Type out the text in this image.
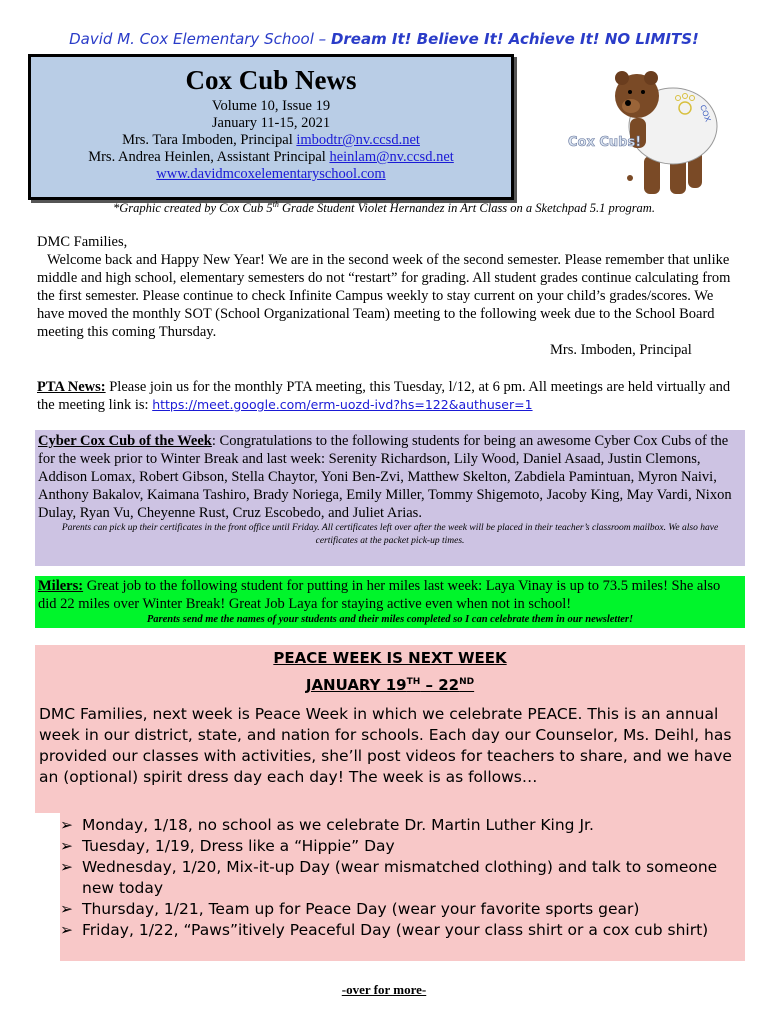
David M. Cox Elementary School – Dream It! Believe It! Achieve It! NO LIMITS!
Cox Cub News
Volume 10, Issue 19
January 11-15, 2021
Mrs. Tara Imboden, Principal imbodtr@nv.ccsd.net
Mrs. Andrea Heinlen, Assistant Principal heinlam@nv.ccsd.net
www.davidmcoxelementaryschool.com
COX
Cox Cubs!
*Graphic created by Cox Cub 5th Grade Student Violet Hernandez in Art Class on a Sketchpad 5.1 program.
DMC Families,
Welcome back and Happy New Year! We are in the second week of the second semester. Please remember that unlike middle and high school, elementary semesters do not “restart” for grading. All student grades continue calculating from the first semester. Please continue to check Infinite Campus weekly to stay current on your child’s grades/scores. We have moved the monthly SOT (School Organizational Team) meeting to the following week due to the School Board meeting this coming Thursday.
Mrs. Imboden, Principal
PTA News: Please join us for the monthly PTA meeting, this Tuesday, l/12, at 6 pm. All meetings are held virtually and the meeting link is: https://meet.google.com/erm-uozd-ivd?hs=122&authuser=1
Cyber Cox Cub of the Week: Congratulations to the following students for being an awesome Cyber Cox Cubs of the for the week prior to Winter Break and last week: Serenity Richardson, Lily Wood, Daniel Asaad, Justin Clemons, Addison Lomax, Robert Gibson, Stella Chaytor, Yoni Ben-Zvi, Matthew Skelton, Zabdiela Pamintuan, Myron Naivi, Anthony Bakalov, Kaimana Tashiro, Brady Noriega, Emily Miller, Tommy Shigemoto, Jacoby King, May Vardi, Nixon Dulay, Ryan Vu, Cheyenne Rust, Cruz Escobedo, and Juliet Arias.
Parents can pick up their certificates in the front office until Friday. All certificates left over after the week will be placed in their teacher’s classroom mailbox. We also have certificates at the packet pick-up times.
Milers: Great job to the following student for putting in her miles last week: Laya Vinay is up to 73.5 miles! She also did 22 miles over Winter Break! Great Job Laya for staying active even when not in school!
Parents send me the names of your students and their miles completed so I can celebrate them in our newsletter!
PEACE WEEK IS NEXT WEEK
JANUARY 19TH – 22ND
DMC Families, next week is Peace Week in which we celebrate PEACE. This is an annual week in our district, state, and nation for schools. Each day our Counselor, Ms. Deihl, has provided our classes with activities, she’ll post videos for teachers to share, and we have an (optional) spirit dress day each day! The week is as follows…
➢ Monday, 1/18, no school as we celebrate Dr. Martin Luther King Jr.
➢ Tuesday, 1/19, Dress like a “Hippie” Day
➢ Wednesday, 1/20, Mix-it-up Day (wear mismatched clothing) and talk to someone new today
➢ Thursday, 1/21, Team up for Peace Day (wear your favorite sports gear)
➢ Friday, 1/22, “Paws”itively Peaceful Day (wear your class shirt or a cox cub shirt)
-over for more-
